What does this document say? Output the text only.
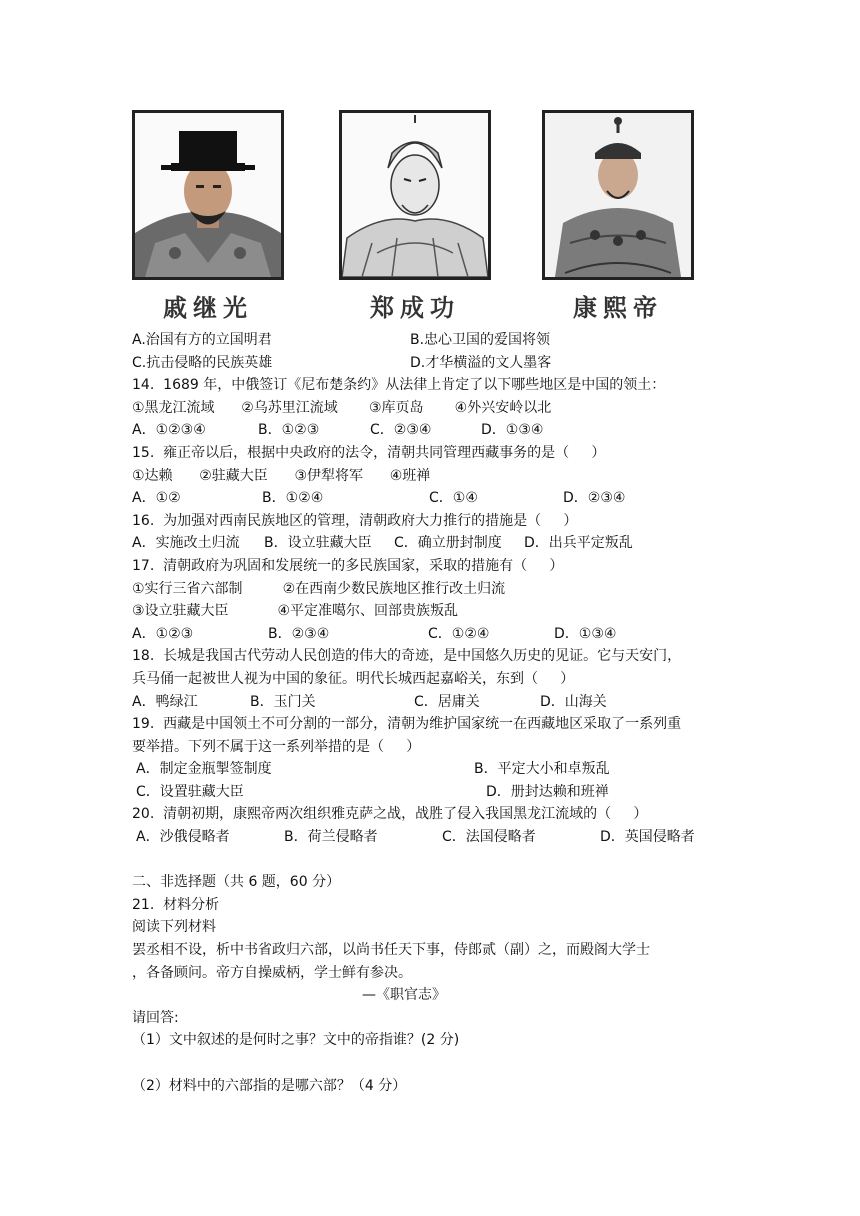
戚继光	郑成功	康熙帝
A.治国有方的立国明君	B.忠心卫国的爱国将领
C.抗击侵略的民族英雄	D.才华横溢的文人墨客
14.  1689 年，中俄签订《尼布楚条约》从法律上肯定了以下哪些地区是中国的领土：
①黑龙江流域      ②乌苏里江流域       ③库页岛       ④外兴安岭以北
A．①②③④	B．①②③	C．②③④	D．①③④
15.  雍正帝以后，根据中央政府的法令，清朝共同管理西藏事务的是（     ）
①达赖      ②驻藏大臣      ③伊犁将军      ④班禅
A．①②	B．①②④	C．①④	D．②③④
16.  为加强对西南民族地区的管理，清朝政府大力推行的措施是（     ）
A．实施改土归流	B．设立驻藏大臣	C．确立册封制度	D．出兵平定叛乱
17.  清朝政府为巩固和发展统一的多民族国家，采取的措施有（     ）
①实行三省六部制         ②在西南少数民族地区推行改土归流
③设立驻藏大臣           ④平定准噶尔、回部贵族叛乱
A．①②③	B．②③④	C．①②④	D．①③④
18.  长城是我国古代劳动人民创造的伟大的奇迹，是中国悠久历史的见证。它与天安门，
兵马俑一起被世人视为中国的象征。明代长城西起嘉峪关，东到（     ）
A．鸭绿江	B．玉门关	C．居庸关	D．山海关
19.  西藏是中国领土不可分割的一部分，清朝为维护国家统一在西藏地区采取了一系列重
要举措。下列不属于这一系列举措的是（     ）
A．制定金瓶掣签制度	B．平定大小和卓叛乱
C．设置驻藏大臣	D．册封达赖和班禅
20.  清朝初期，康熙帝两次组织雅克萨之战，战胜了侵入我国黑龙江流域的（     ）
A．沙俄侵略者	B．荷兰侵略者	C．法国侵略者	D．英国侵略者
二、非选择题（共 6 题，60 分）
21.  材料分析
阅读下列材料
罢丞相不设，析中书省政归六部，以尚书任天下事，侍郎贰（副）之，而殿阁大学士
，各备顾问。帝方自操威柄，学士鲜有参决。
—《职官志》
请回答:
（1）文中叙述的是何时之事？文中的帝指谁？(2 分)
（2）材料中的六部指的是哪六部？（4 分）
